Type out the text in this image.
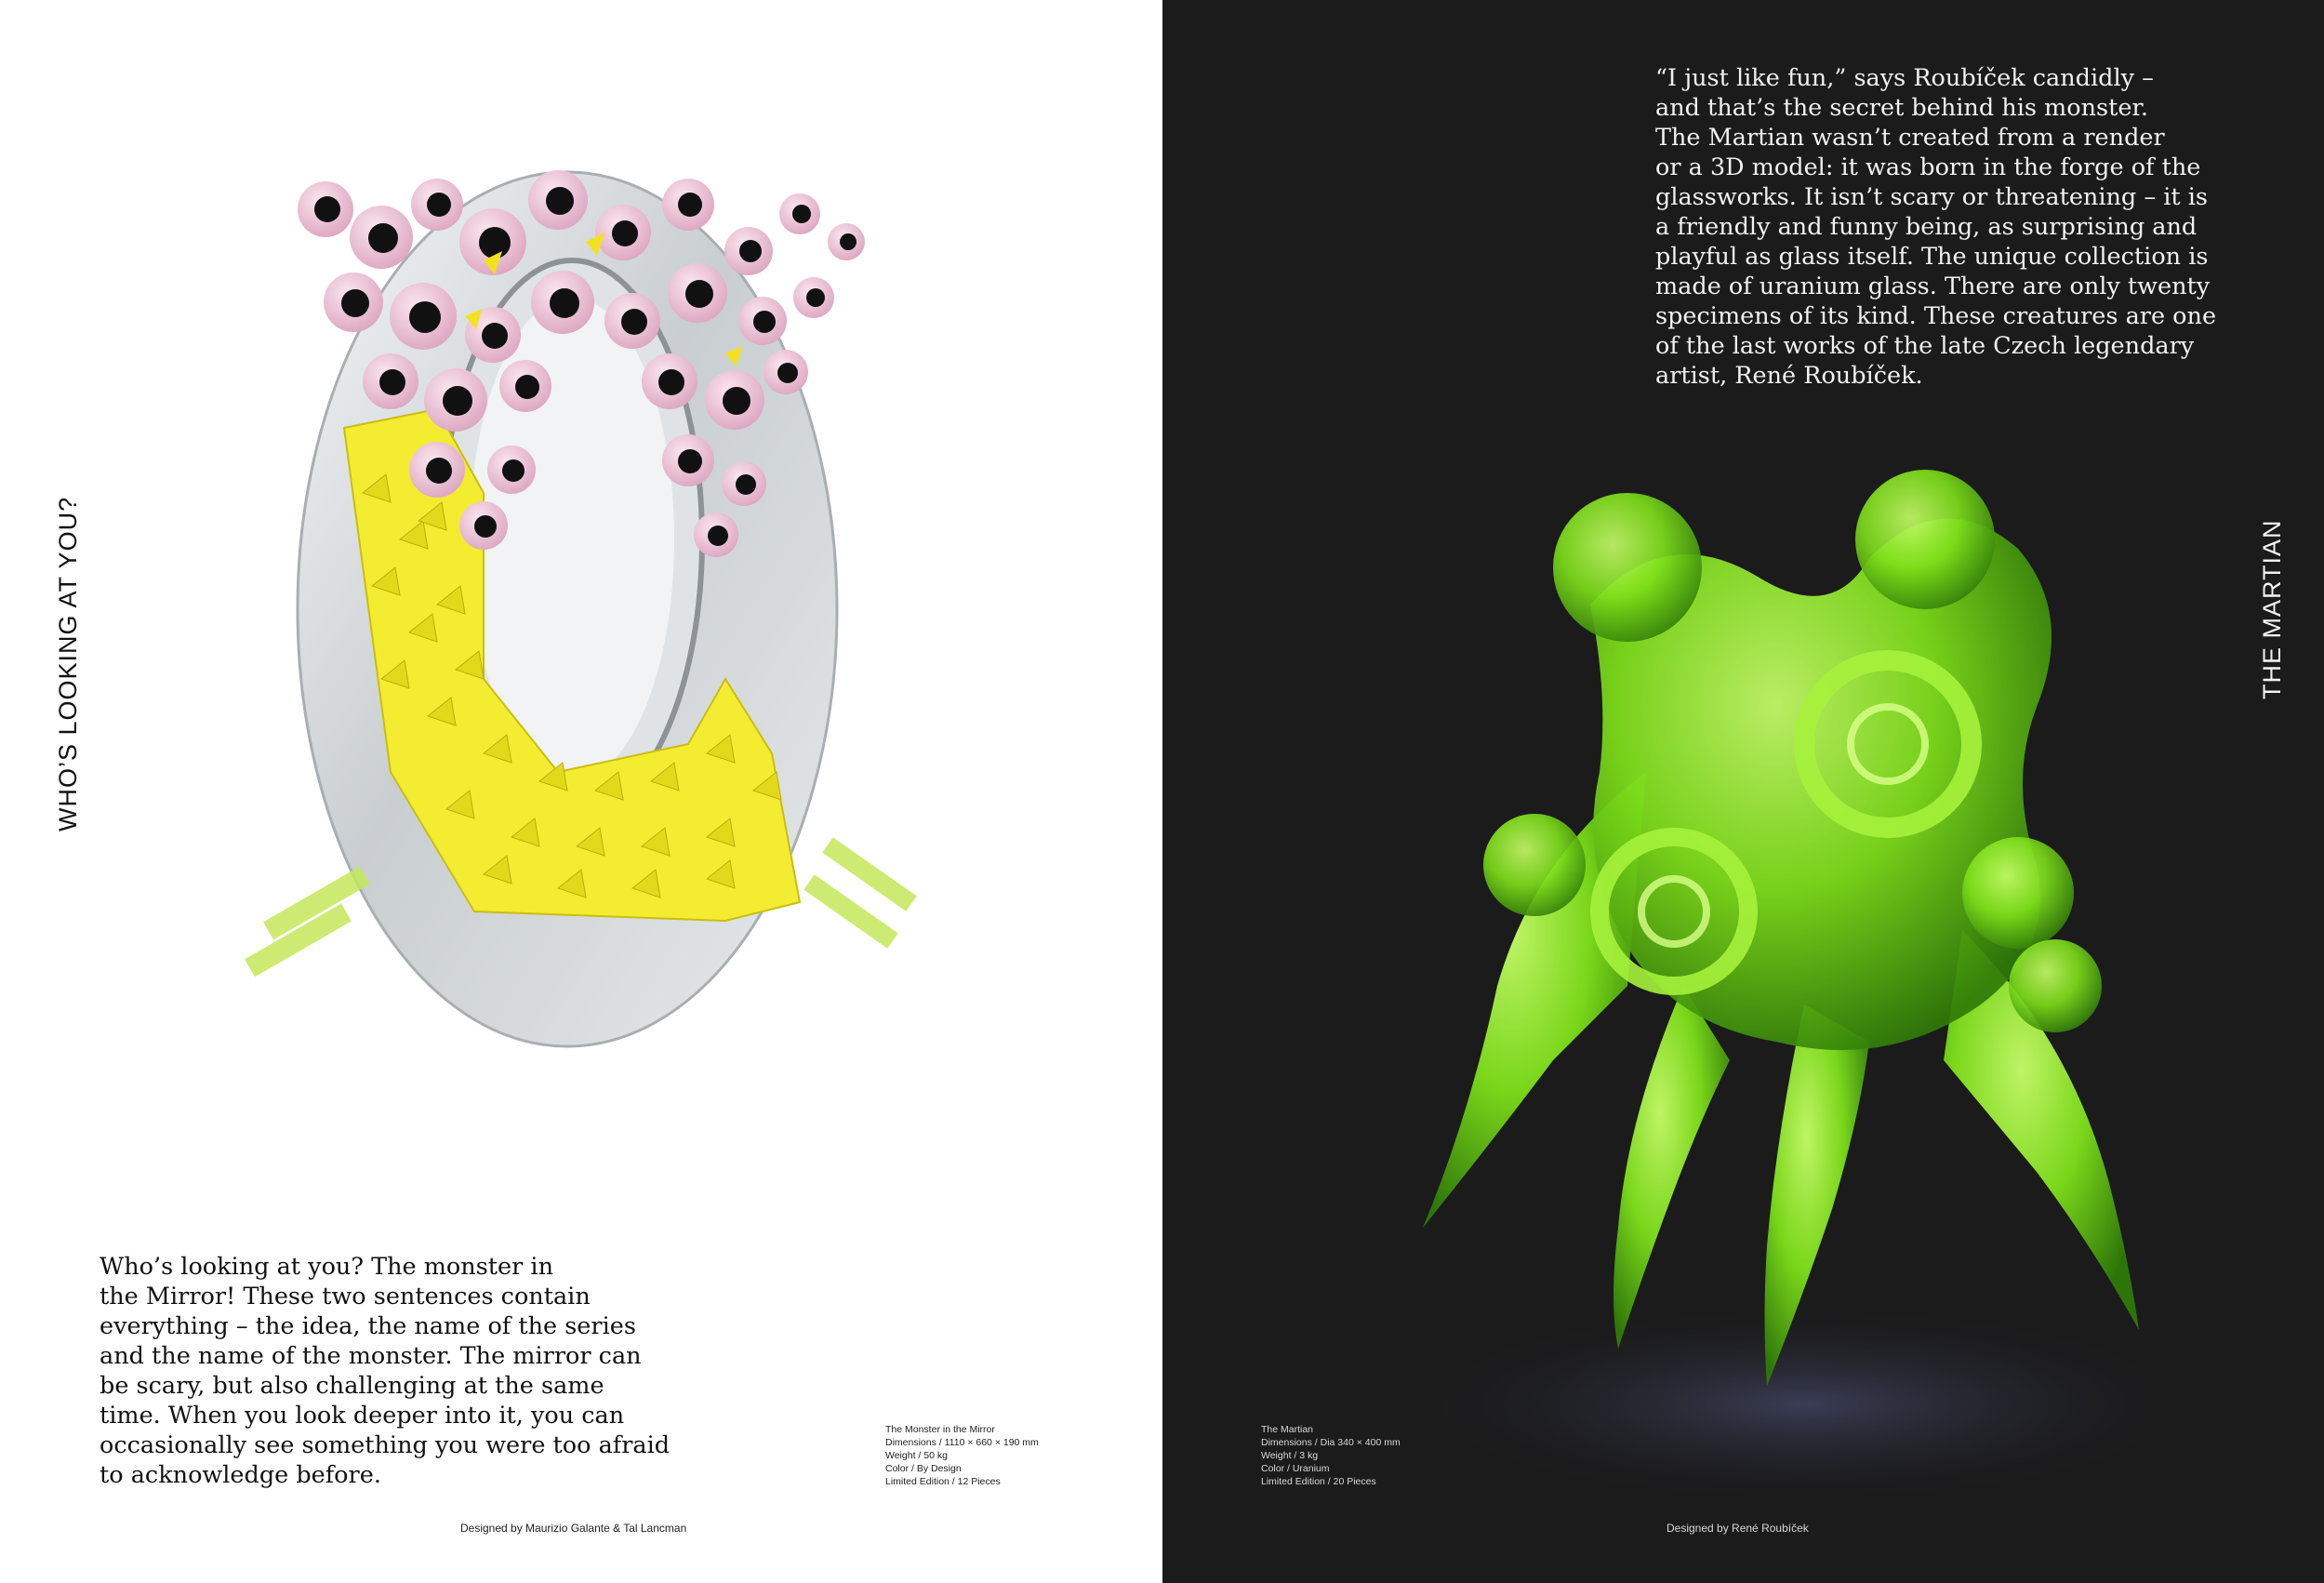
WHO’S LOOKING AT YOU?

Who’s looking at you? The monster in
the Mirror! These two sentences contain
everything – the idea, the name of the series
and the name of the monster. The mirror can
be scary, but also challenging at the same
time. When you look deeper into it, you can
occasionally see something you were too afraid
to acknowledge before.

The Monster in the Mirror
Dimensions / 1110 × 660 × 190 mm
Weight / 50 kg
Color / By Design
Limited Edition / 12 Pieces
Designed by Maurizio Galante & Tal Lancman

“I just like fun,” says Roubíček candidly –
and that’s the secret behind his monster.
The Martian wasn’t created from a render
or a 3D model: it was born in the forge of the
glassworks. It isn’t scary or threatening – it is
a friendly and funny being, as surprising and
playful as glass itself. The unique collection is
made of uranium glass. There are only twenty
specimens of its kind. These creatures are one
of the last works of the late Czech legendary
artist, René Roubíček.

THE MARTIAN
The Martian
Dimensions / Dia 340 × 400 mm
Weight / 3 kg
Color / Uranium
Limited Edition / 20 Pieces
Designed by René Roubíček
